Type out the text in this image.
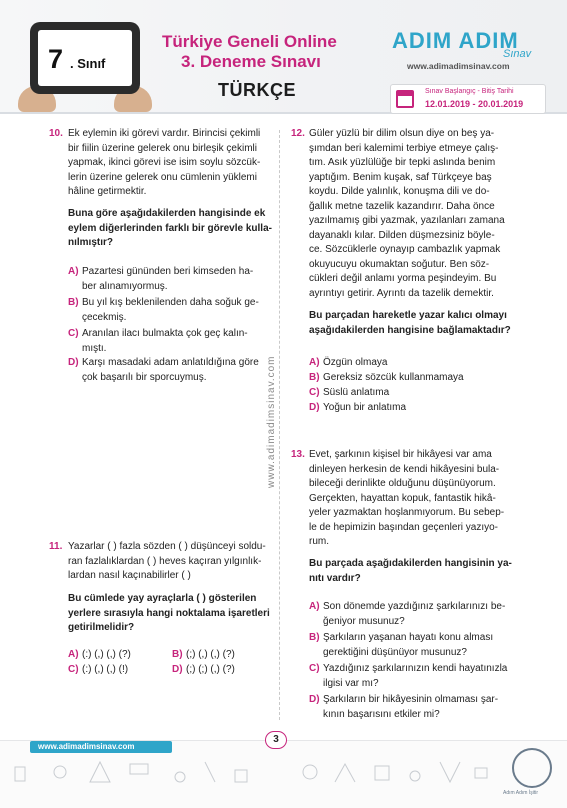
7 . Sınıf
Türkiye Geneli Online
3. Deneme Sınavı
TÜRKÇE
ADIM ADIM
Sınav
www.adimadimsinav.com
Sınav Başlangıç - Bitiş Tarihi
12.01.2019 - 20.01.2019
10. Ek eylemin iki görevi vardır. Birincisi çekimli
bir fiilin üzerine gelerek onu birleşik çekimli
yapmak, ikinci görevi ise isim soylu sözcük-
lerin üzerine gelerek onu cümlenin yüklemi
hâline getirmektir.
Buna göre aşağıdakilerden hangisinde ek
eylem diğerlerinden farklı bir görevle kulla-
nılmıştır?
A) Pazartesi gününden beri kimseden ha-
ber alınamıyormuş.
B) Bu yıl kış beklenilenden daha soğuk ge-
çecekmiş.
C) Aranılan ilacı bulmakta çok geç kalın-
mıştı.
D) Karşı masadaki adam anlatıldığına göre
çok başarılı bir sporcuymuş.
11. Yazarlar ( ) fazla sözden ( ) düşünceyi soldu-
ran fazlalıklardan ( ) heves kaçıran yılgınlık-
lardan nasıl kaçınabilirler ( )
Bu cümlede yay ayraçlarla ( ) gösterilen
yerlere sırasıyla hangi noktalama işaretleri
getirilmelidir?
A) (:) (,) (,) (?)	B) (;) (,) (,) (?)
C) (:) (,) (,) (!)	D) (;) (;) (,) (?)
www.adimadimsinav.com
12. Güler yüzlü bir dilim olsun diye on beş ya-
şımdan beri kalemimi terbiye etmeye çalış-
tım. Asık yüzlülüğe bir tepki aslında benim
yaptığım. Benim kuşak, saf Türkçeye baş
koydu. Dilde yalınlık, konuşma dili ve do-
ğallık metne tazelik kazandırır. Daha önce
yazılmamış gibi yazmak, yazılanları zamana
dayanaklı kılar. Dilden düşmezsiniz böyle-
ce. Sözcüklerle oynayıp cambazlık yapmak
okuyucuyu okumaktan soğutur. Ben söz-
cükleri değil anlamı yorma peşindeyim. Bu
ayrıntıyı getirir. Ayrıntı da tazelik demektir.
Bu parçadan hareketle yazar kalıcı olmayı
aşağıdakilerden hangisine bağlamaktadır?
A) Özgün olmaya
B) Gereksiz sözcük kullanmamaya
C) Süslü anlatıma
D) Yoğun bir anlatıma
13. Evet, şarkının kişisel bir hikâyesi var ama
dinleyen herkesin de kendi hikâyesini bula-
bileceği derinlikte olduğunu düşünüyorum.
Gerçekten, hayattan kopuk, fantastik hikâ-
yeler yazmaktan hoşlanmıyorum. Bu sebep-
le de hepimizin başından geçenleri yazıyo-
rum.
Bu parçada aşağıdakilerden hangisinin ya-
nıtı vardır?
A) Son dönemde yazdığınız şarkılarınızı be-
ğeniyor musunuz?
B) Şarkıların yaşanan hayatı konu alması
gerektiğini düşünüyor musunuz?
C) Yazdığınız şarkılarınızın kendi hayatınızla
ilgisi var mı?
D) Şarkıların bir hikâyesinin olmaması şar-
kının başarısını etkiler mi?
www.adimadimsinav.com
3
Adım Adım İşitir
